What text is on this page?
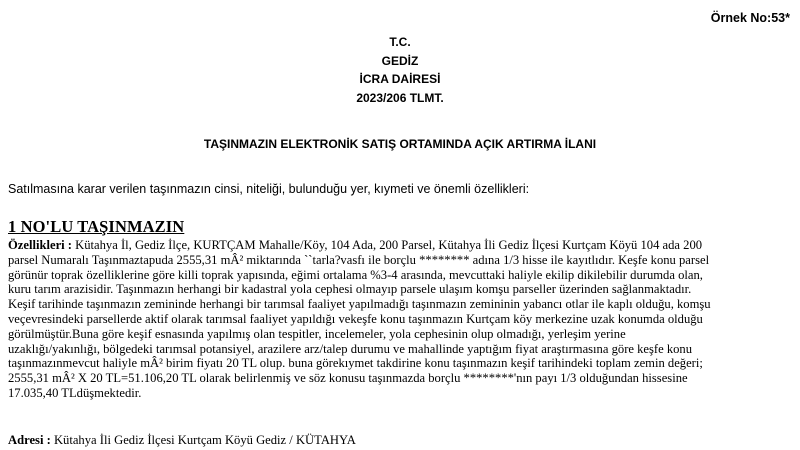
Örnek No:53*
T.C.
GEDİZ
İCRA DAİRESİ
2023/206 TLMT.
TAŞINMAZIN ELEKTRONİK SATIŞ ORTAMINDA AÇIK ARTIRMA İLANI
Satılmasına karar verilen taşınmazın cinsi, niteliği, bulunduğu yer, kıymeti ve önemli özellikleri:
1 NO'LU TAŞINMAZIN

Özellikleri : Kütahya İl, Gediz İlçe, KURTÇAM Mahalle/Köy, 104 Ada, 200 Parsel, Kütahya İli Gediz İlçesi Kurtçam Köyü 104 ada 200

parsel Numaralı Taşınmaztapuda 2555,31 mÂ² miktarında ``tarla?vasfı ile borçlu ******** adına 1/3 hisse ile kayıtlıdır. Keşfe konu parsel

görünür toprak özelliklerine göre killi toprak yapısında, eğimi ortalama %3-4 arasında, mevcuttaki haliyle ekilip dikilebilir durumda olan,

kuru tarım arazisidir. Taşınmazın herhangi bir kadastral yola cephesi olmayıp parsele ulaşım komşu parseller üzerinden sağlanmaktadır.

Keşif tarihinde taşınmazın zemininde herhangi bir tarımsal faaliyet yapılmadığı taşınmazın zemininin yabancı otlar ile kaplı olduğu, komşu

veçevresindeki parsellerde aktif olarak tarımsal faaliyet yapıldığı vekeşfe konu taşınmazın Kurtçam köy merkezine uzak konumda olduğu

görülmüştür.Buna göre keşif esnasında yapılmış olan tespitler, incelemeler, yola cephesinin olup olmadığı, yerleşim yerine

uzaklığı/yakınlığı, bölgedeki tarımsal potansiyel, arazilere arz/talep durumu ve mahallinde yaptığım fiyat araştırmasına göre keşfe konu

taşınmazınmevcut haliyle mÂ² birim fiyatı 20 TL olup. buna görekıymet takdirine konu taşınmazın keşif tarihindeki toplam zemin değeri;

2555,31 mÂ² X 20 TL=51.106,20 TL olarak belirlenmiş ve söz konusu taşınmazda borçlu ********'nın payı 1/3 olduğundan hissesine

17.035,40 TLdüşmektedir.

Adresi : Kütahya İli Gediz İlçesi Kurtçam Köyü Gediz / KÜTAHYA
